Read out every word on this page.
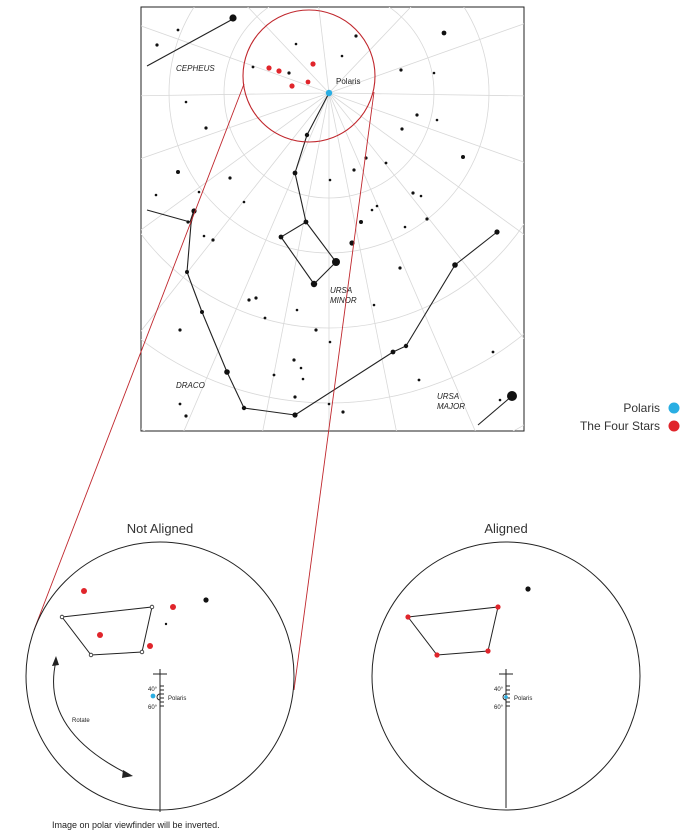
Polaris
CEPHEUS
URSA
MINOR
DRACO
URSA
MAJOR	Polaris
The Four Stars
Not Aligned
40°
60°
Polaris
Rotate
Aligned
40°
60°
Polaris
Image on polar viewfinder will be inverted.
